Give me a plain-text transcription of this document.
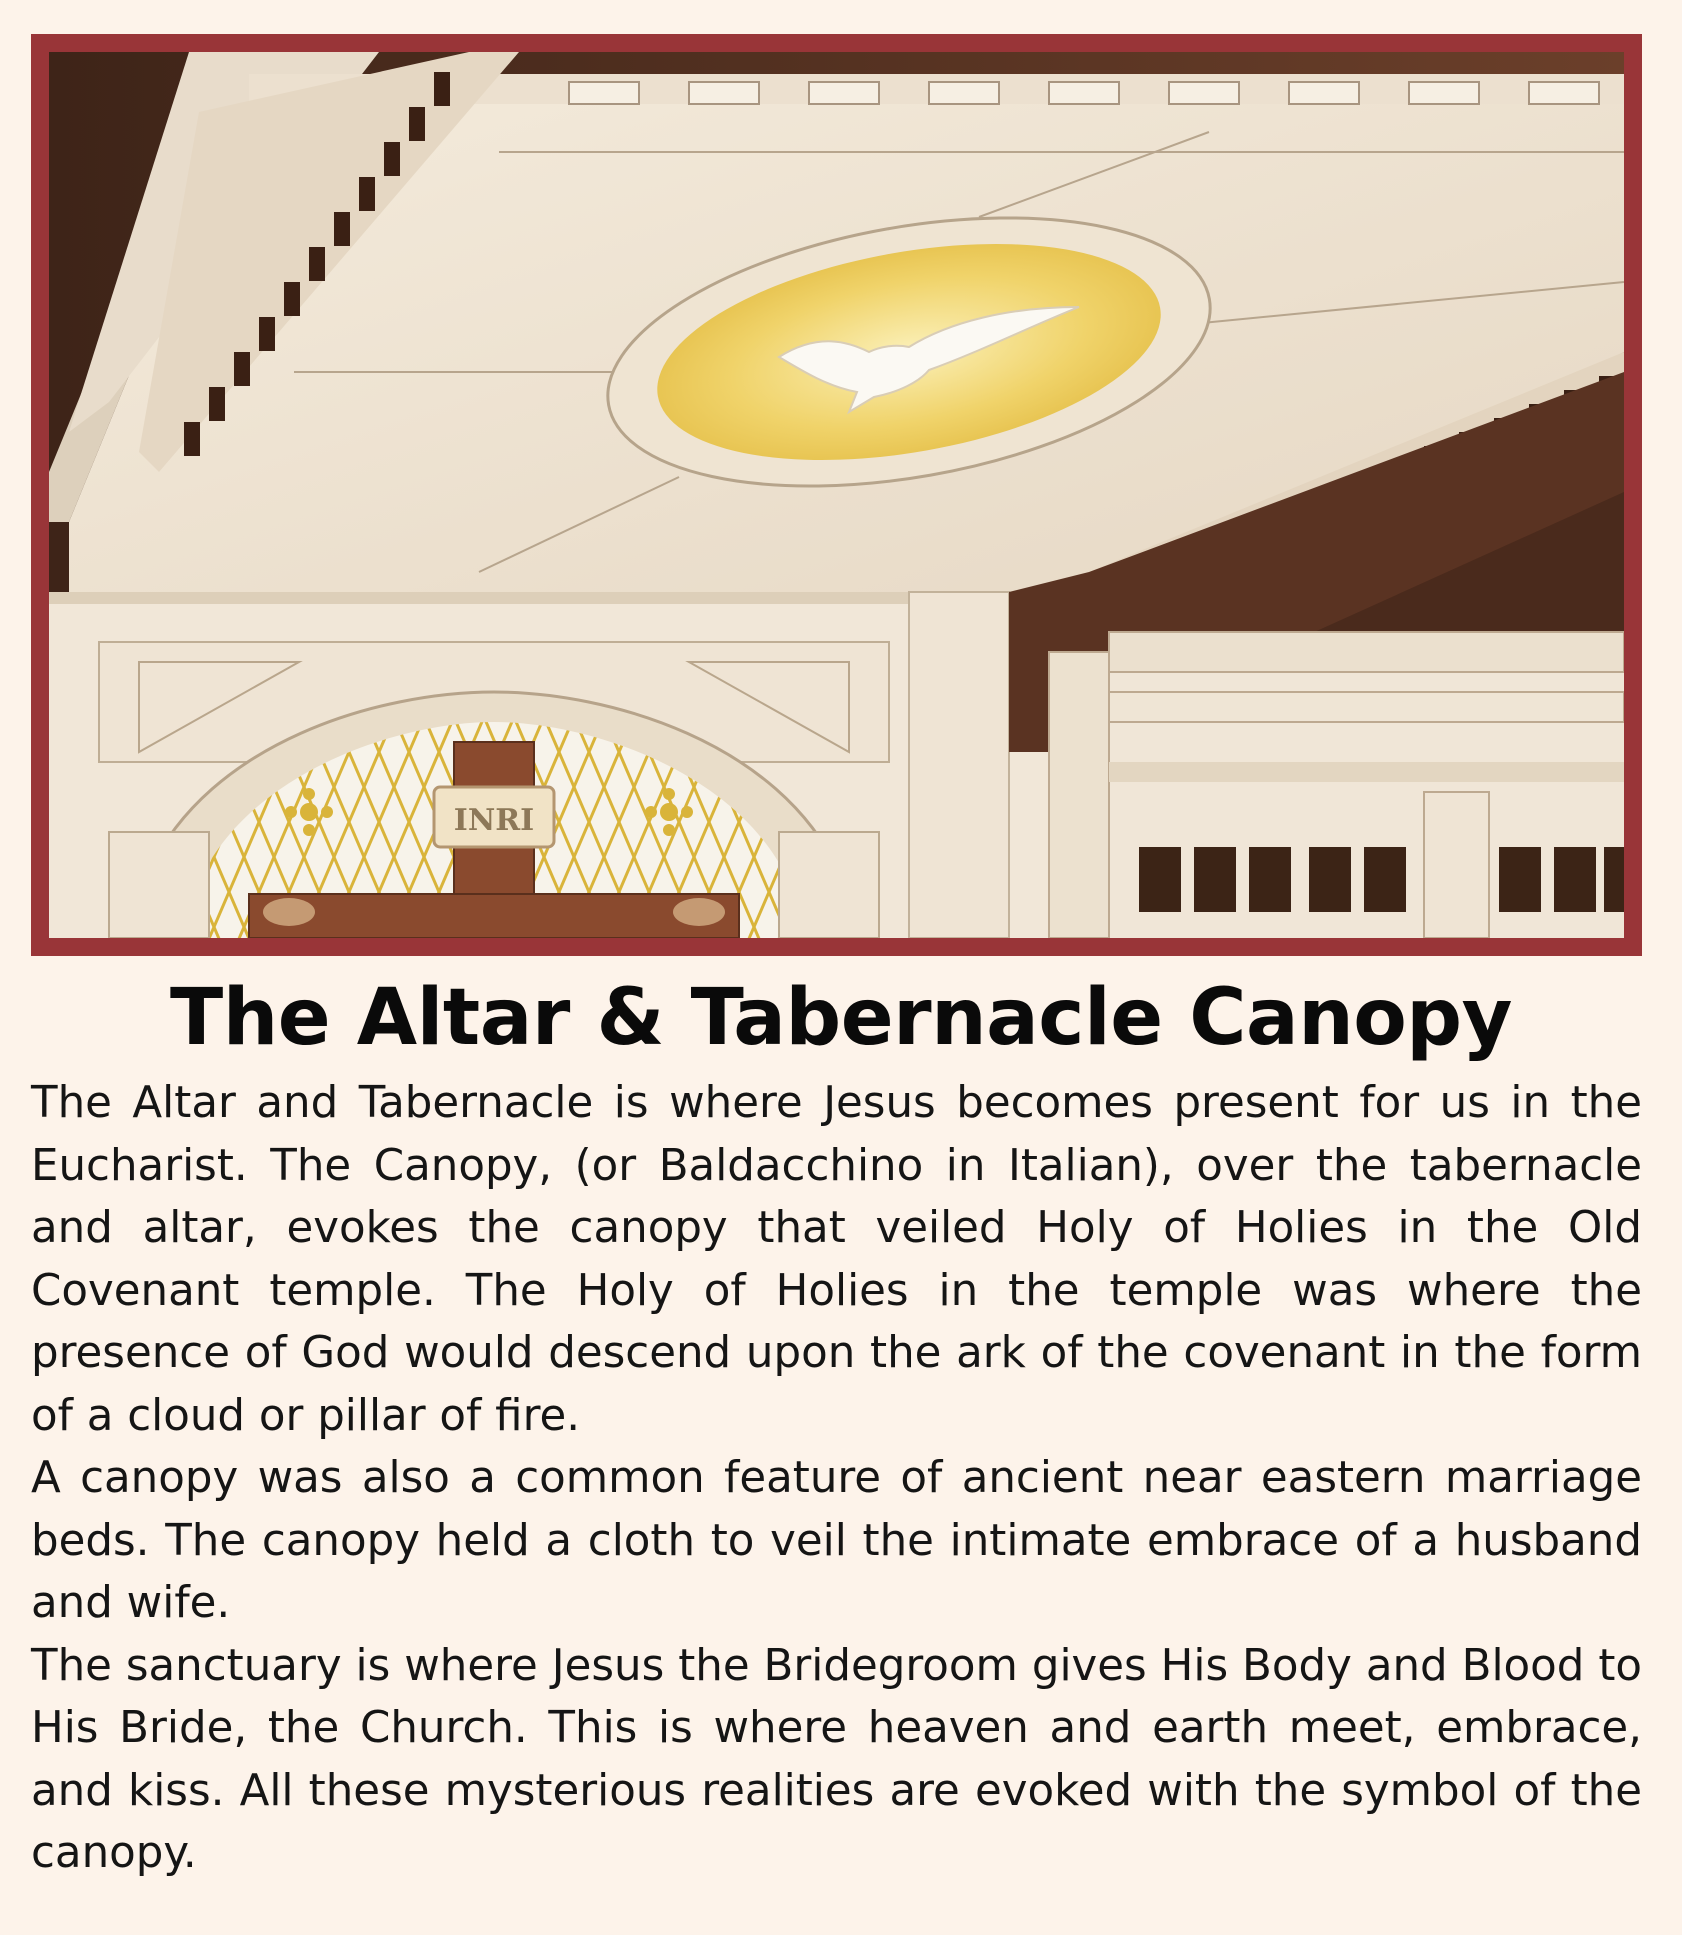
INRI
The Altar & Tabernacle Canopy

The Altar and Tabernacle is where Jesus becomes present for us in the Eucharist. The Canopy, (or Baldacchino in Italian), over the tabernacle and altar, evokes the canopy that veiled Holy of Holies in the Old Covenant temple. The Holy of Holies in the temple was where the presence of God would descend upon the ark of the covenant in the form of a cloud or pillar of fire.

A canopy was also a common feature of ancient near eastern marriage beds. The canopy held a cloth to veil the intimate embrace of a husband and wife.

The sanctuary is where Jesus the Bridegroom gives His Body and Blood to His Bride, the Church. This is where heaven and earth meet, embrace, and kiss. All these mysterious realities are evoked with the symbol of the canopy.
